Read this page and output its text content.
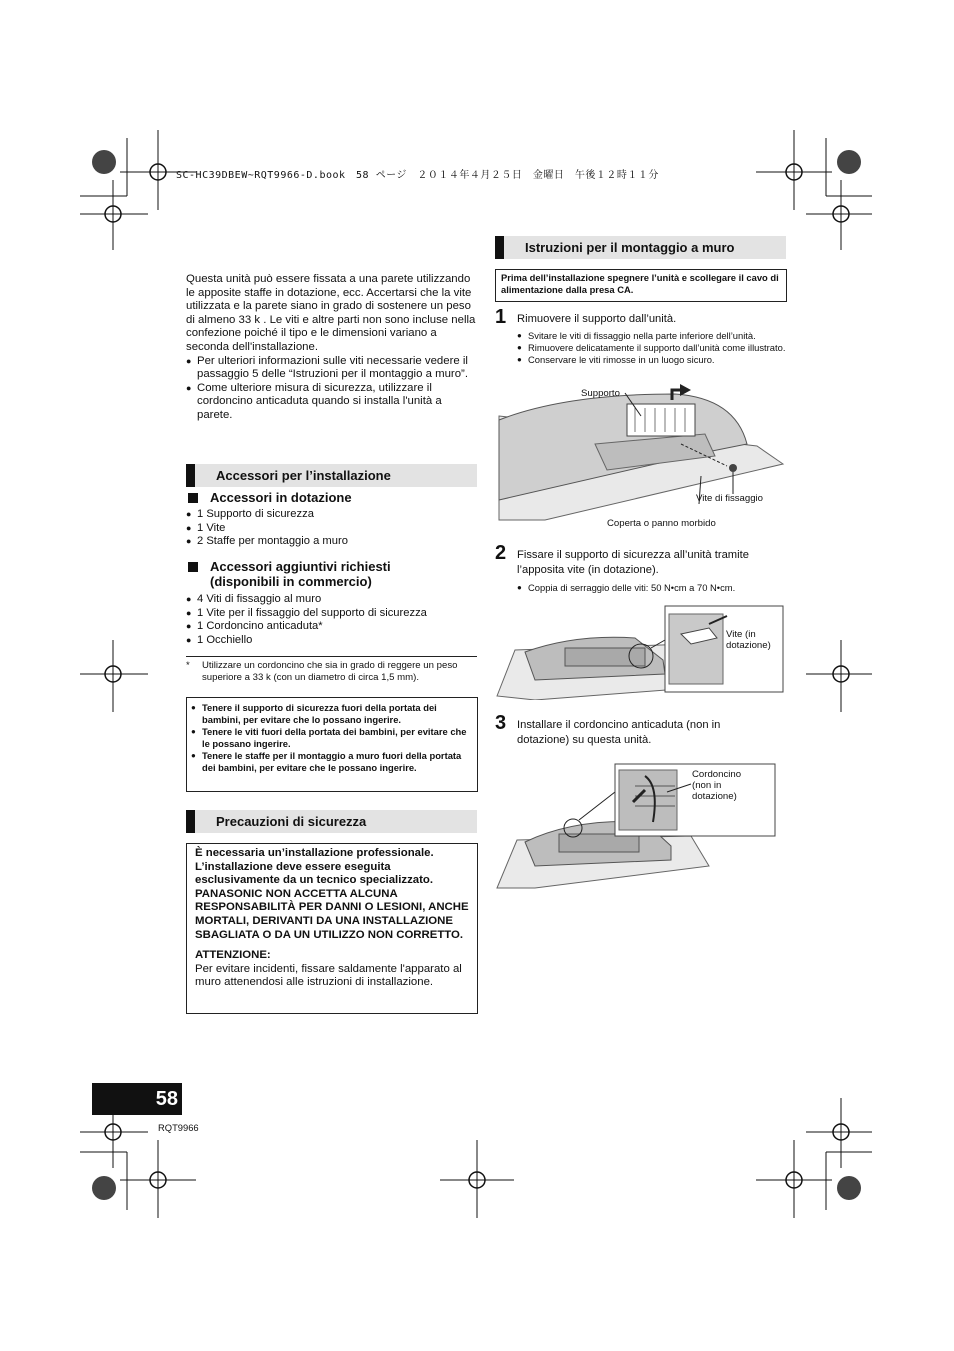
SC-HC39DBEW~RQT9966-D.book　58 ページ　２０１４年４月２５日　金曜日　午後１２時１１分

Questa unità può essere fissata a una parete utilizzando le apposite staffe in dotazione, ecc. Accertarsi che la vite utilizzata e la parete siano in grado di sostenere un peso di almeno 33 k . Le viti e altre parti non sono incluse nella confezione poiché il tipo e le dimensioni variano a seconda dell'installazione.

● Per ulteriori informazioni sulle viti necessarie vedere il passaggio 5 delle “Istruzioni per il montaggio a muro”.
● Come ulteriore misura di sicurezza, utilizzare il cordoncino anticaduta quando si installa l'unità a parete.
Accessori per l’installazione
Accessori in dotazione
● 1 Supporto di sicurezza
● 1 Vite
● 2 Staffe per montaggio a muro
Accessori aggiuntivi richiesti
(disponibili in commercio)
● 4 Viti di fissaggio al muro
● 1 Vite per il fissaggio del supporto di sicurezza
● 1 Cordoncino anticaduta*
● 1 Occhiello
*	Utilizzare un cordoncino che sia in grado di reggere un peso superiore a 33 k (con un diametro di circa 1,5 mm).
● Tenere il supporto di sicurezza fuori della portata dei bambini, per evitare che lo possano ingerire.
● Tenere le viti fuori della portata dei bambini, per evitare che le possano ingerire.
● Tenere le staffe per il montaggio a muro fuori della portata dei bambini, per evitare che le possano ingerire.
Precauzioni di sicurezza
È necessaria un’installazione professionale. L’installazione deve essere eseguita esclusivamente da un tecnico specializzato. PANASONIC NON ACCETTA ALCUNA RESPONSABILITÀ PER DANNI O LESIONI, ANCHE MORTALI, DERIVANTI DA UNA INSTALLAZIONE SBAGLIATA O DA UN UTILIZZO NON CORRETTO.
ATTENZIONE:
Per evitare incidenti, fissare saldamente l'apparato al muro attenendosi alle istruzioni di installazione.
Istruzioni per il montaggio a muro
Prima dell’installazione spegnere l’unità e scollegare il cavo di alimentazione dalla presa CA.
1 Rimuovere il supporto dall’unità.
● Svitare le viti di fissaggio nella parte inferiore dell’unità.
● Rimuovere delicatamente il supporto dall’unità come illustrato.
● Conservare le viti rimosse in un luogo sicuro.
Supporto
Vite di fissaggio
Coperta o panno morbido
2 Fissare il supporto di sicurezza all’unità tramite l’apposita vite (in dotazione).
● Coppia di serraggio delle viti: 50 N•cm a 70 N•cm.
Vite (in
dotazione)
3 Installare il cordoncino anticaduta (non in dotazione) su questa unità.
Cordoncino
(non in
dotazione)
58
RQT9966
